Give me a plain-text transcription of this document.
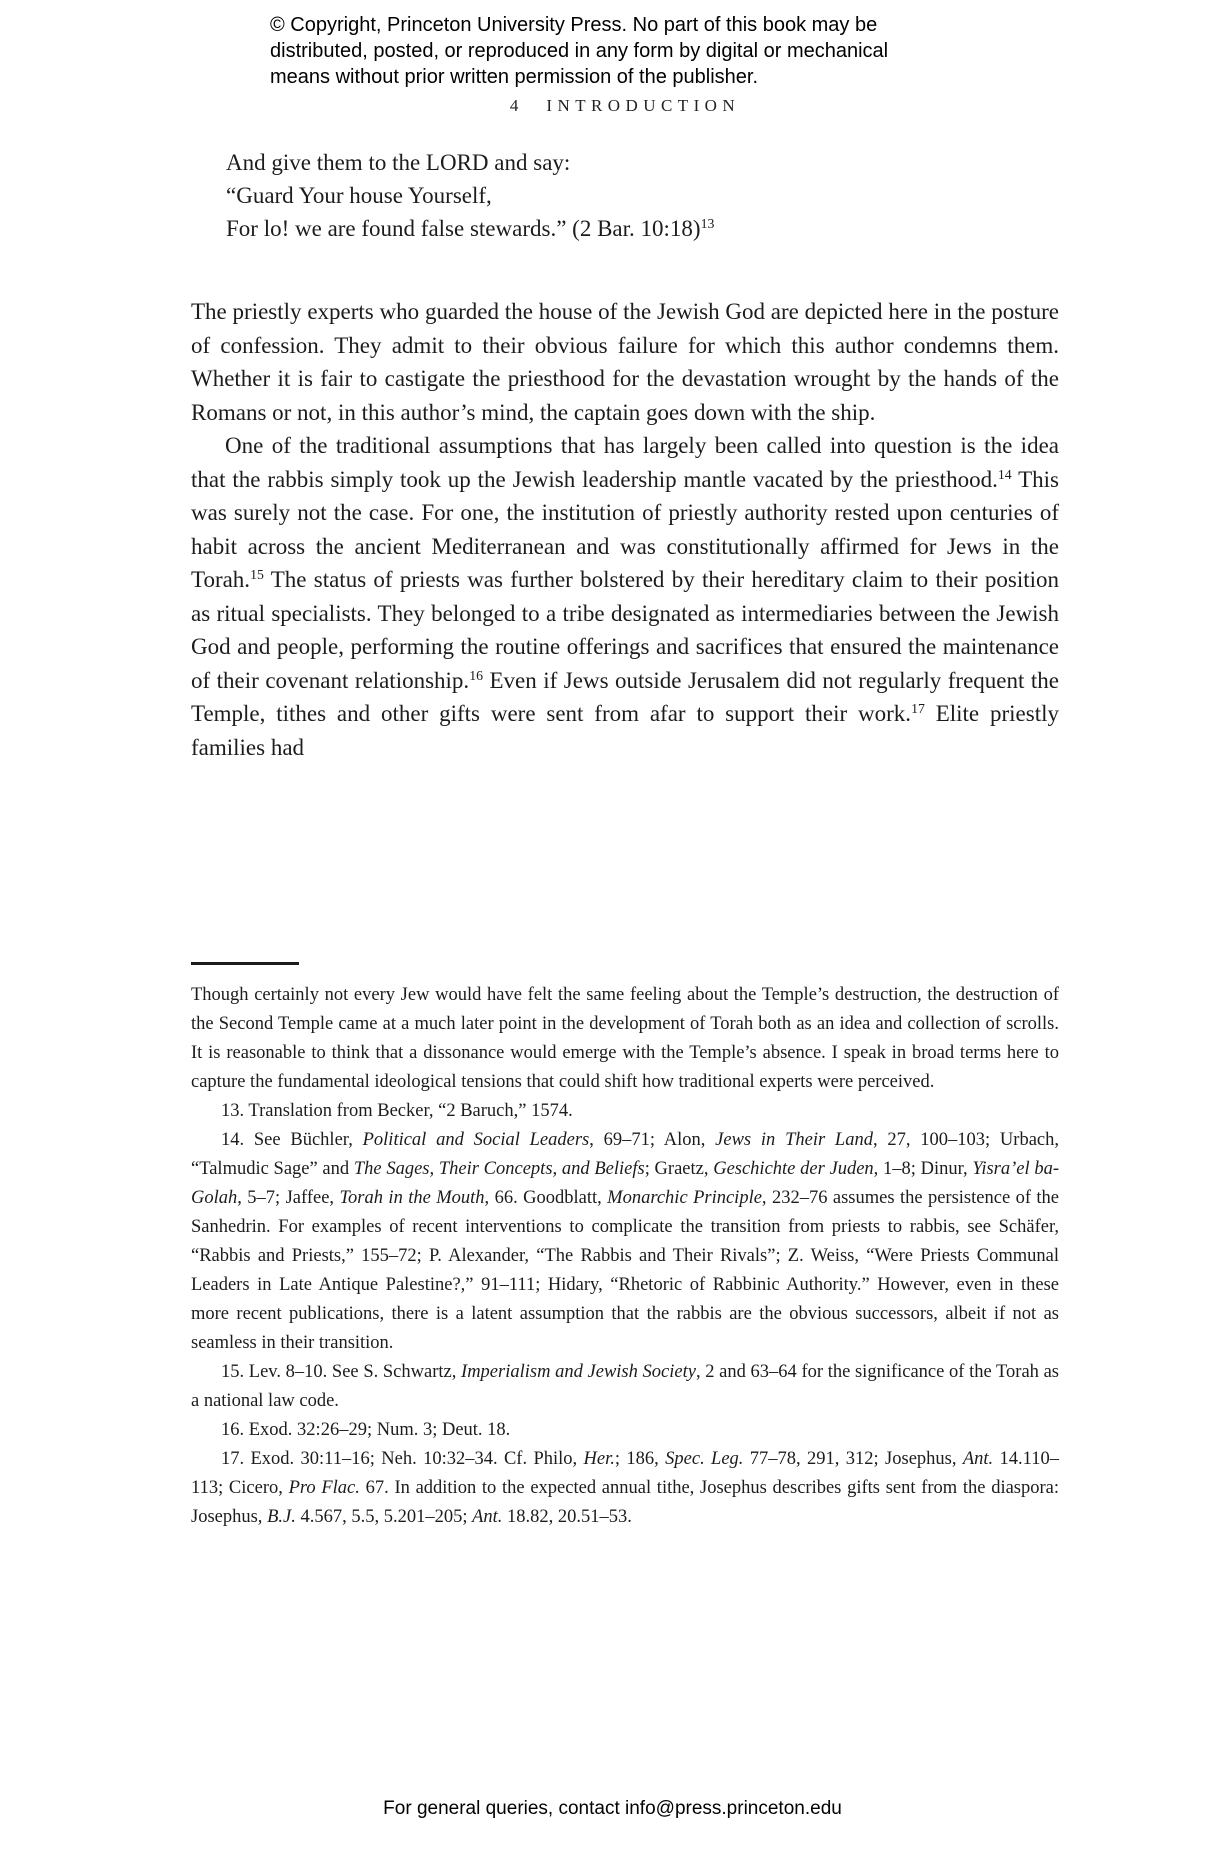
© Copyright, Princeton University Press. No part of this book may be
distributed, posted, or reproduced in any form by digital or mechanical
means without prior written permission of the publisher.
4 INTRODUCTION
And give them to the LORD and say:
“Guard Your house Yourself,
For lo! we are found false stewards.” (2 Bar. 10:18)$^{13}$

The priestly experts who guarded the house of the Jewish God are depicted here in the posture of confession. They admit to their obvious failure for which this author condemns them. Whether it is fair to castigate the priesthood for the devastation wrought by the hands of the Romans or not, in this author’s mind, the captain goes down with the ship.

One of the traditional assumptions that has largely been called into question is the idea that the rabbis simply took up the Jewish leadership mantle vacated by the priesthood.$^{14}$ This was surely not the case. For one, the institution of priestly authority rested upon centuries of habit across the ancient Mediterranean and was constitutionally affirmed for Jews in the Torah.$^{15}$ The status of priests was further bolstered by their hereditary claim to their position as ritual specialists. They belonged to a tribe designated as intermediaries between the Jewish God and people, performing the routine offerings and sacrifices that ensured the maintenance of their covenant relationship.$^{16}$ Even if Jews outside Jerusalem did not regularly frequent the Temple, tithes and other gifts were sent from afar to support their work.$^{17}$ Elite priestly families had

Though certainly not every Jew would have felt the same feeling about the Temple’s destruction, the destruction of the Second Temple came at a much later point in the development of Torah both as an idea and collection of scrolls. It is reasonable to think that a dissonance would emerge with the Temple’s absence. I speak in broad terms here to capture the fundamental ideological tensions that could shift how traditional experts were perceived.

13. Translation from Becker, “2 Baruch,” 1574.

14. See Büchler, Political and Social Leaders, 69–71; Alon, Jews in Their Land, 27, 100–103; Urbach, “Talmudic Sage” and The Sages, Their Concepts, and Beliefs; Graetz, Geschichte der Juden, 1–8; Dinur, Yisra’el ba-Golah, 5–7; Jaffee, Torah in the Mouth, 66. Goodblatt, Monarchic Principle, 232–76 assumes the persistence of the Sanhedrin. For examples of recent interventions to complicate the transition from priests to rabbis, see Schäfer, “Rabbis and Priests,” 155–72; P. Alexander, “The Rabbis and Their Rivals”; Z. Weiss, “Were Priests Communal Leaders in Late Antique Palestine?,” 91–111; Hidary, “Rhetoric of Rabbinic Authority.” However, even in these more recent publications, there is a latent assumption that the rabbis are the obvious successors, albeit if not as seamless in their transition.

15. Lev. 8–10. See S. Schwartz, Imperialism and Jewish Society, 2 and 63–64 for the significance of the Torah as a national law code.

16. Exod. 32:26–29; Num. 3; Deut. 18.

17. Exod. 30:11–16; Neh. 10:32–34. Cf. Philo, Her.; 186, Spec. Leg. 77–78, 291, 312; Josephus, Ant. 14.110–113; Cicero, Pro Flac. 67. In addition to the expected annual tithe, Josephus describes gifts sent from the diaspora: Josephus, B.J. 4.567, 5.5, 5.201–205; Ant. 18.82, 20.51–53.

For general queries, contact info@press.princeton.edu
